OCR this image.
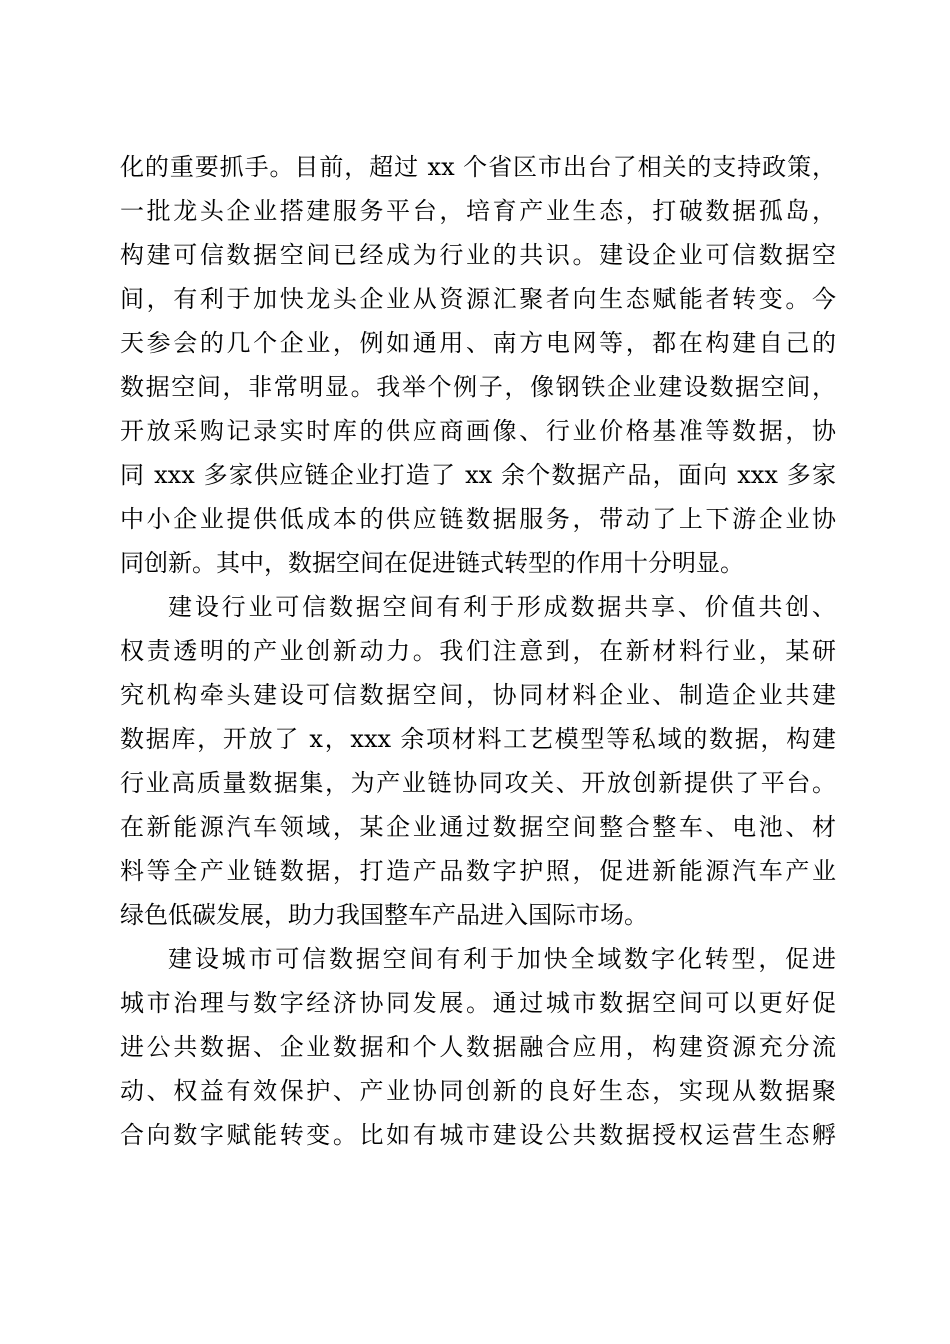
化的重要抓手。目前，超过 xx 个省区市出台了相关的支持政策，
一批龙头企业搭建服务平台，培育产业生态，打破数据孤岛，
构建可信数据空间已经成为行业的共识。建设企业可信数据空
间，有利于加快龙头企业从资源汇聚者向生态赋能者转变。今
天参会的几个企业，例如通用、南方电网等，都在构建自己的
数据空间，非常明显。我举个例子，像钢铁企业建设数据空间，
开放采购记录实时库的供应商画像、行业价格基准等数据，协
同 xxx 多家供应链企业打造了 xx 余个数据产品，面向 xxx 多家
中小企业提供低成本的供应链数据服务，带动了上下游企业协
同创新。其中，数据空间在促进链式转型的作用十分明显。
建设行业可信数据空间有利于形成数据共享、价值共创、
权责透明的产业创新动力。我们注意到，在新材料行业，某研
究机构牵头建设可信数据空间，协同材料企业、制造企业共建
数据库，开放了 x，xxx 余项材料工艺模型等私域的数据，构建
行业高质量数据集，为产业链协同攻关、开放创新提供了平台。
在新能源汽车领域，某企业通过数据空间整合整车、电池、材
料等全产业链数据，打造产品数字护照，促进新能源汽车产业
绿色低碳发展，助力我国整车产品进入国际市场。
建设城市可信数据空间有利于加快全域数字化转型，促进
城市治理与数字经济协同发展。通过城市数据空间可以更好促
进公共数据、企业数据和个人数据融合应用，构建资源充分流
动、权益有效保护、产业协同创新的良好生态，实现从数据聚
合向数字赋能转变。比如有城市建设公共数据授权运营生态孵
